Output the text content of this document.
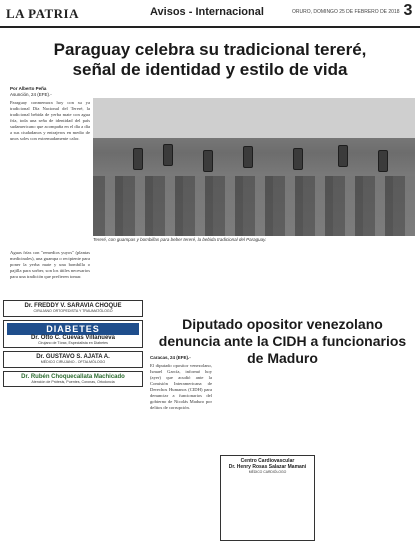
LA PATRIA	Avisos - Internacional	ORURO, DOMINGO 25 DE FEBRERO DE 2018 3
Paraguay celebra su tradicional tereré, señal de identidad y estilo de vida
Por Alberto Peña
Asunción, 24 (EFE).-
Paraguay conmemora hoy con su ya tradicional Día Nacional del Tereré, la tradicional bebida de yerba mate con agua fría, toda una seña de identidad del país sudamericano que acompaña en el día a día a sus ciudadanos y entrajeros en medio de unos soles con extremadamente calor.
Aguas frías con "remedios yuyos" (plantas medicinales), una guampa o recipiente para poner la yerba mate y una bombilla o pajilla para sorber, son los útiles necesarios para una tradición que prefieren tomar.
Tereré, con guampas y bombillas para beber tereré, la bebida tradicional del Paraguay.
Dr. FREDDY V. SARAVIA CHOQUE
CIRUJANO ORTOPEDISTA Y TRAUMATÓLOGO
DIABETES
Dr. Otto C. Cuevas Villanueva
Cirujano de Tórax, Especialista en Diabetes
Dr. GUSTAVO S. AJATA A.
MÉDICO CIRUJANO - OFTALMÓLOGO
Dr. Rubén Choquecallata Machicado
Atención de Prótesis, Puentes, Coronas, Ortodoncia
Diputado opositor venezolano denuncia ante la CIDH a funcionarios de Maduro
Caracas, 24 (EFE).-
El diputado opositor venezolano, Ismael García, informó hoy (ayer) que acudió ante la Comisión Interamericana de Derechos Humanos (CIDH) para denunciar a funcionarios del gobierno de Nicolás Maduro por delitos de corrupción.
Centro Cardiovascular
Dr. Henry Rosas Salazar Mamani
MÉDICO CARDIÓLOGO
